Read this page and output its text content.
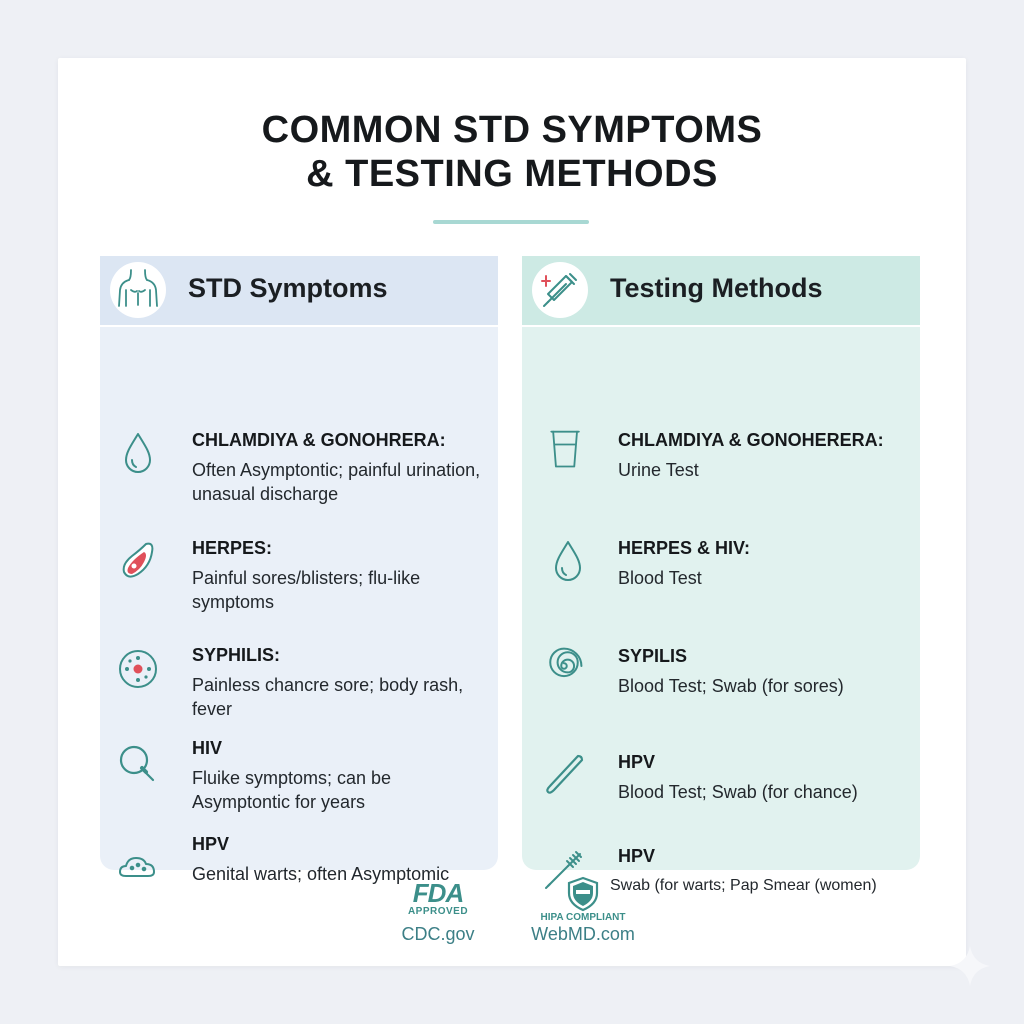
COMMON STD SYMPTOMS
& TESTING METHODS
STD Symptoms
CHLAMDIYA & GONOHRERA:
Often Asymptontic; painful urination, unasual discharge
HERPES:
Painful sores/blisters; flu-like symptoms
SYPHILIS:
Painless chancre sore; body rash, fever
HIV
Fluike symptoms; can be Asymptontic for years
HPV
Genital warts; often Asymptomic
Testing Methods
CHLAMDIYA & GONOHЕRERA:
Urine Test
HERPES & HIV:
Blood Test
SYPILIS
Blood Test; Swab (for sores)
HPV
Blood Test; Swab (for chance)
HPV
Swab (for warts; Pap Smear (women)
FDA
APPROVED
CDC.gov
HIPA COMPLIANT
WebMD.com
